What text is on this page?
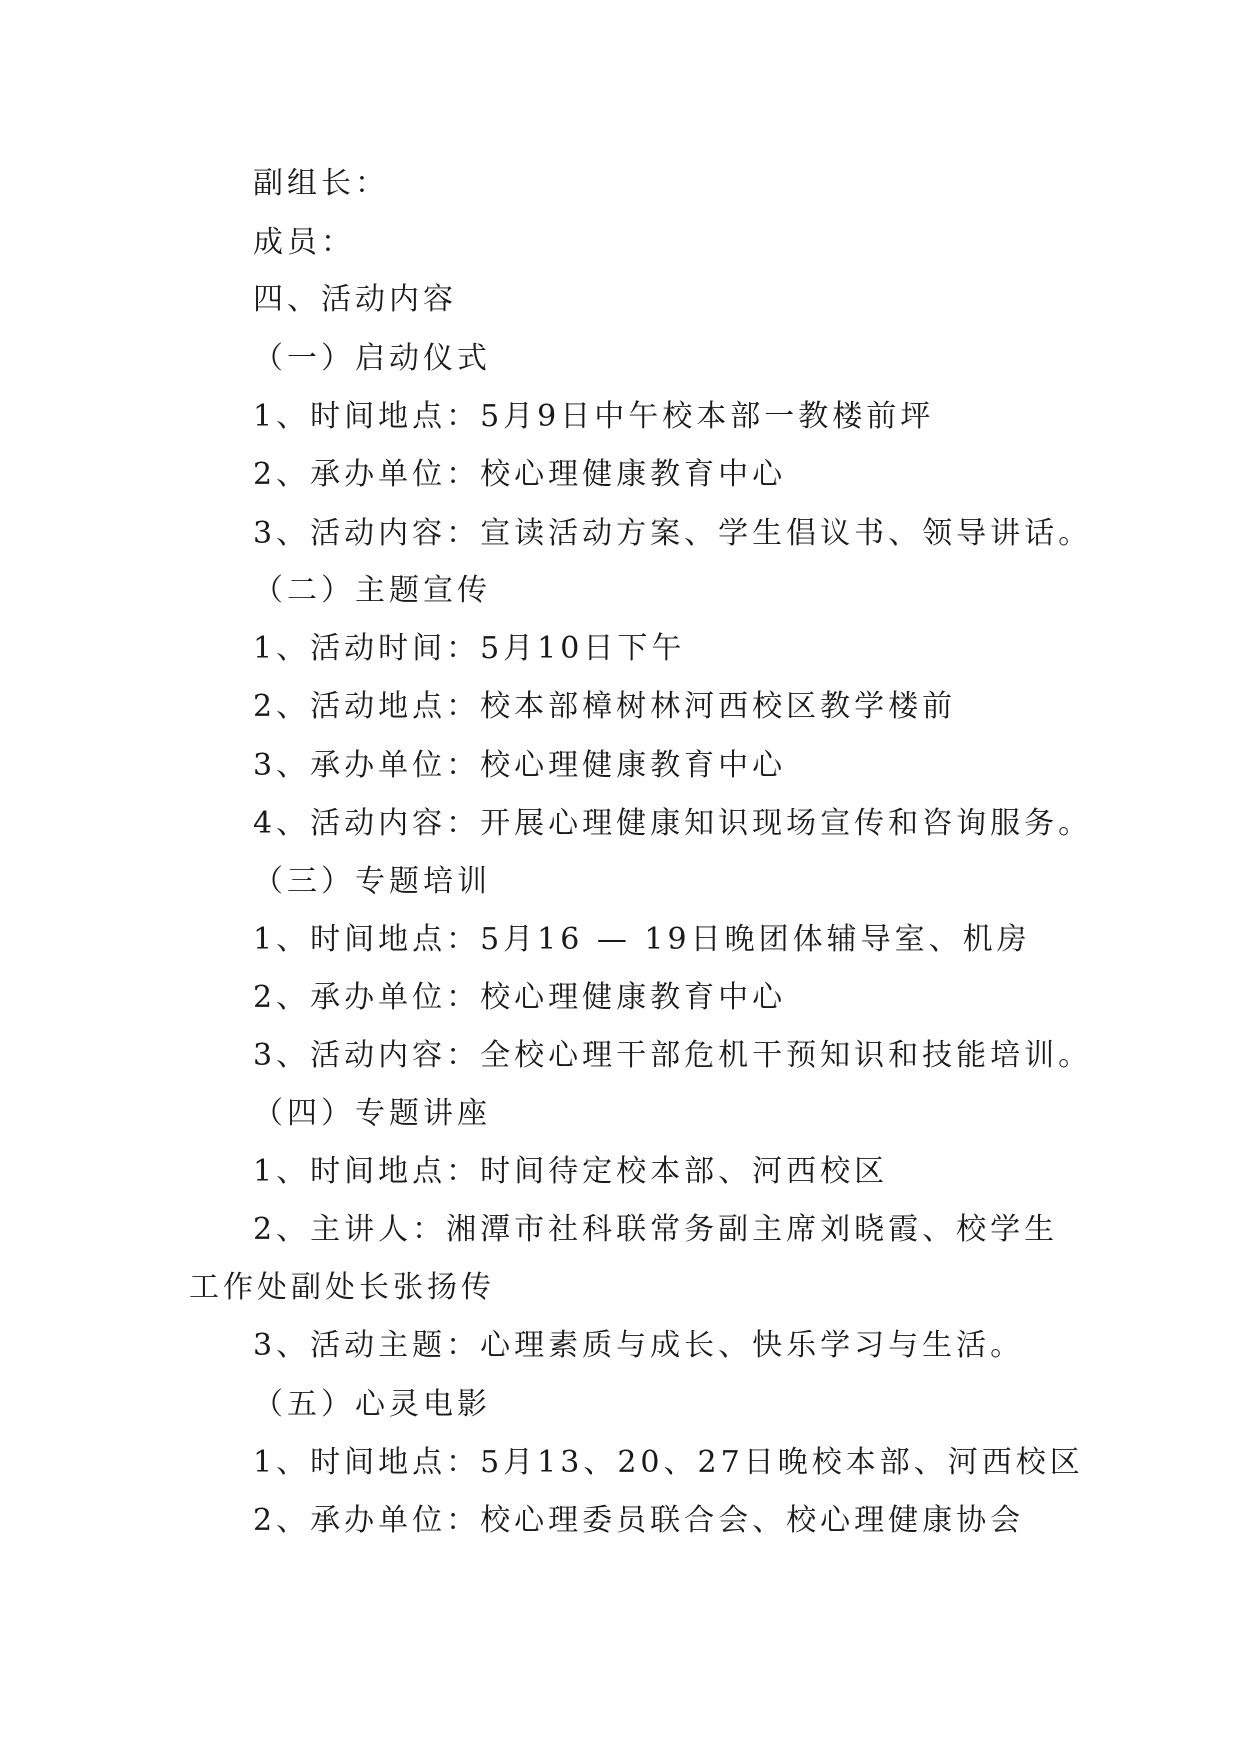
副组长：
成员：
四、活动内容
（一）启动仪式
1、时间地点：5月9日中午校本部一教楼前坪
2、承办单位：校心理健康教育中心
3、活动内容：宣读活动方案、学生倡议书、领导讲话。
（二）主题宣传
1、活动时间：5月10日下午
2、活动地点：校本部樟树林河西校区教学楼前
3、承办单位：校心理健康教育中心
4、活动内容：开展心理健康知识现场宣传和咨询服务。
（三）专题培训
1、时间地点：5月16 — 19日晚团体辅导室、机房
2、承办单位：校心理健康教育中心
3、活动内容：全校心理干部危机干预知识和技能培训。
（四）专题讲座
1、时间地点：时间待定校本部、河西校区
2、主讲人：湘潭市社科联常务副主席刘晓霞、校学生
工作处副处长张扬传
3、活动主题：心理素质与成长、快乐学习与生活。
（五）心灵电影
1、时间地点：5月13、20、27日晚校本部、河西校区
2、承办单位：校心理委员联合会、校心理健康协会
